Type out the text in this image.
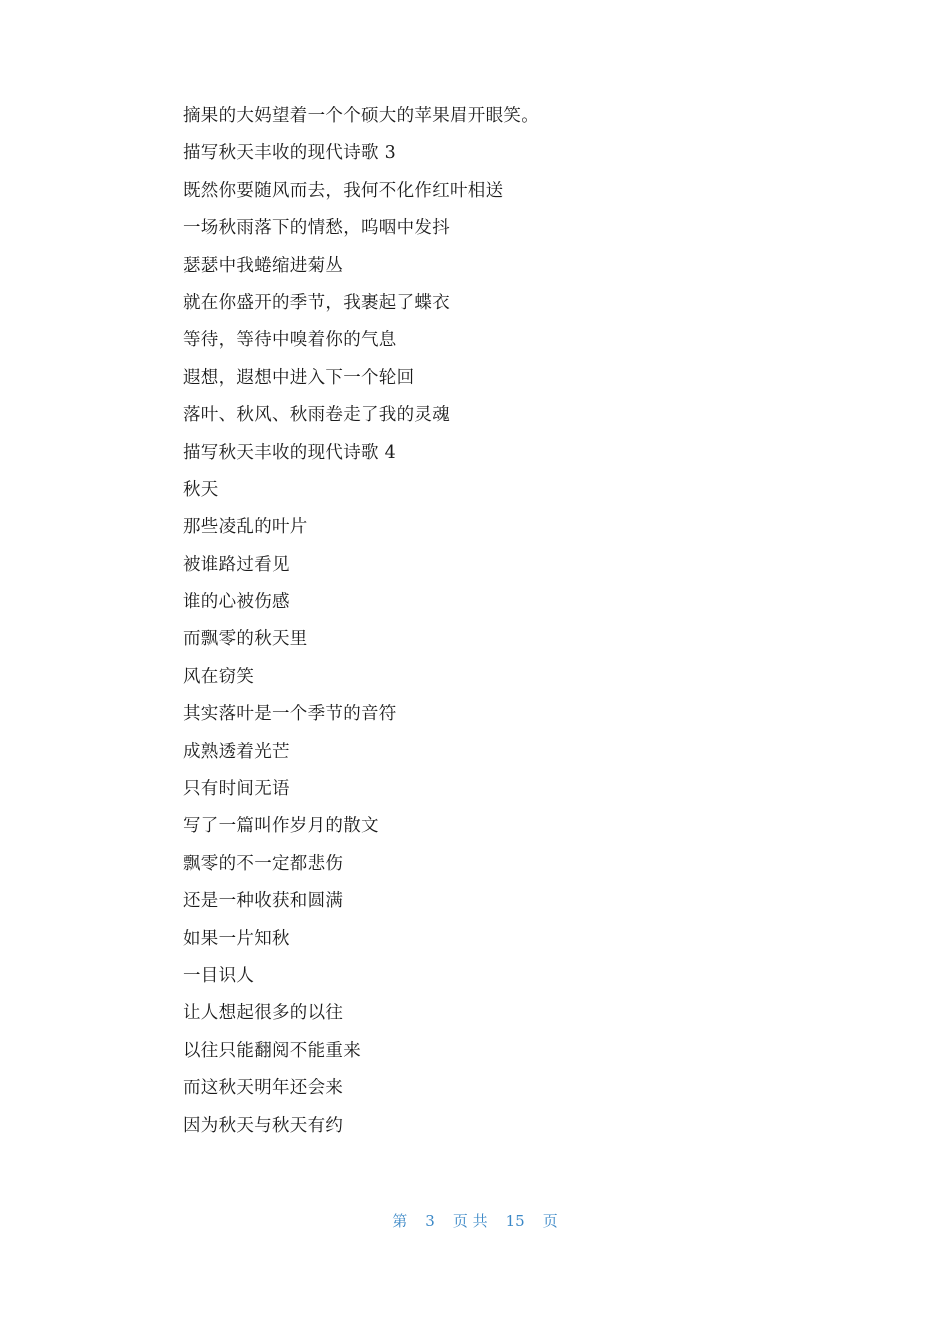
摘果的大妈望着一个个硕大的苹果眉开眼笑。
描写秋天丰收的现代诗歌 3
既然你要随风而去，我何不化作红叶相送
一场秋雨落下的情愁，呜咽中发抖
瑟瑟中我蜷缩进菊丛
就在你盛开的季节，我裹起了蝶衣
等待，等待中嗅着你的气息
遐想，遐想中进入下一个轮回
落叶、秋风、秋雨卷走了我的灵魂
描写秋天丰收的现代诗歌 4
秋天
那些凌乱的叶片
被谁路过看见
谁的心被伤感
而飘零的秋天里
风在窃笑
其实落叶是一个季节的音符
成熟透着光芒
只有时间无语
写了一篇叫作岁月的散文
飘零的不一定都悲伤
还是一种收获和圆满
如果一片知秋
一目识人
让人想起很多的以往
以往只能翻阅不能重来
而这秋天明年还会来
因为秋天与秋天有约
第 3 页 共 15 页
